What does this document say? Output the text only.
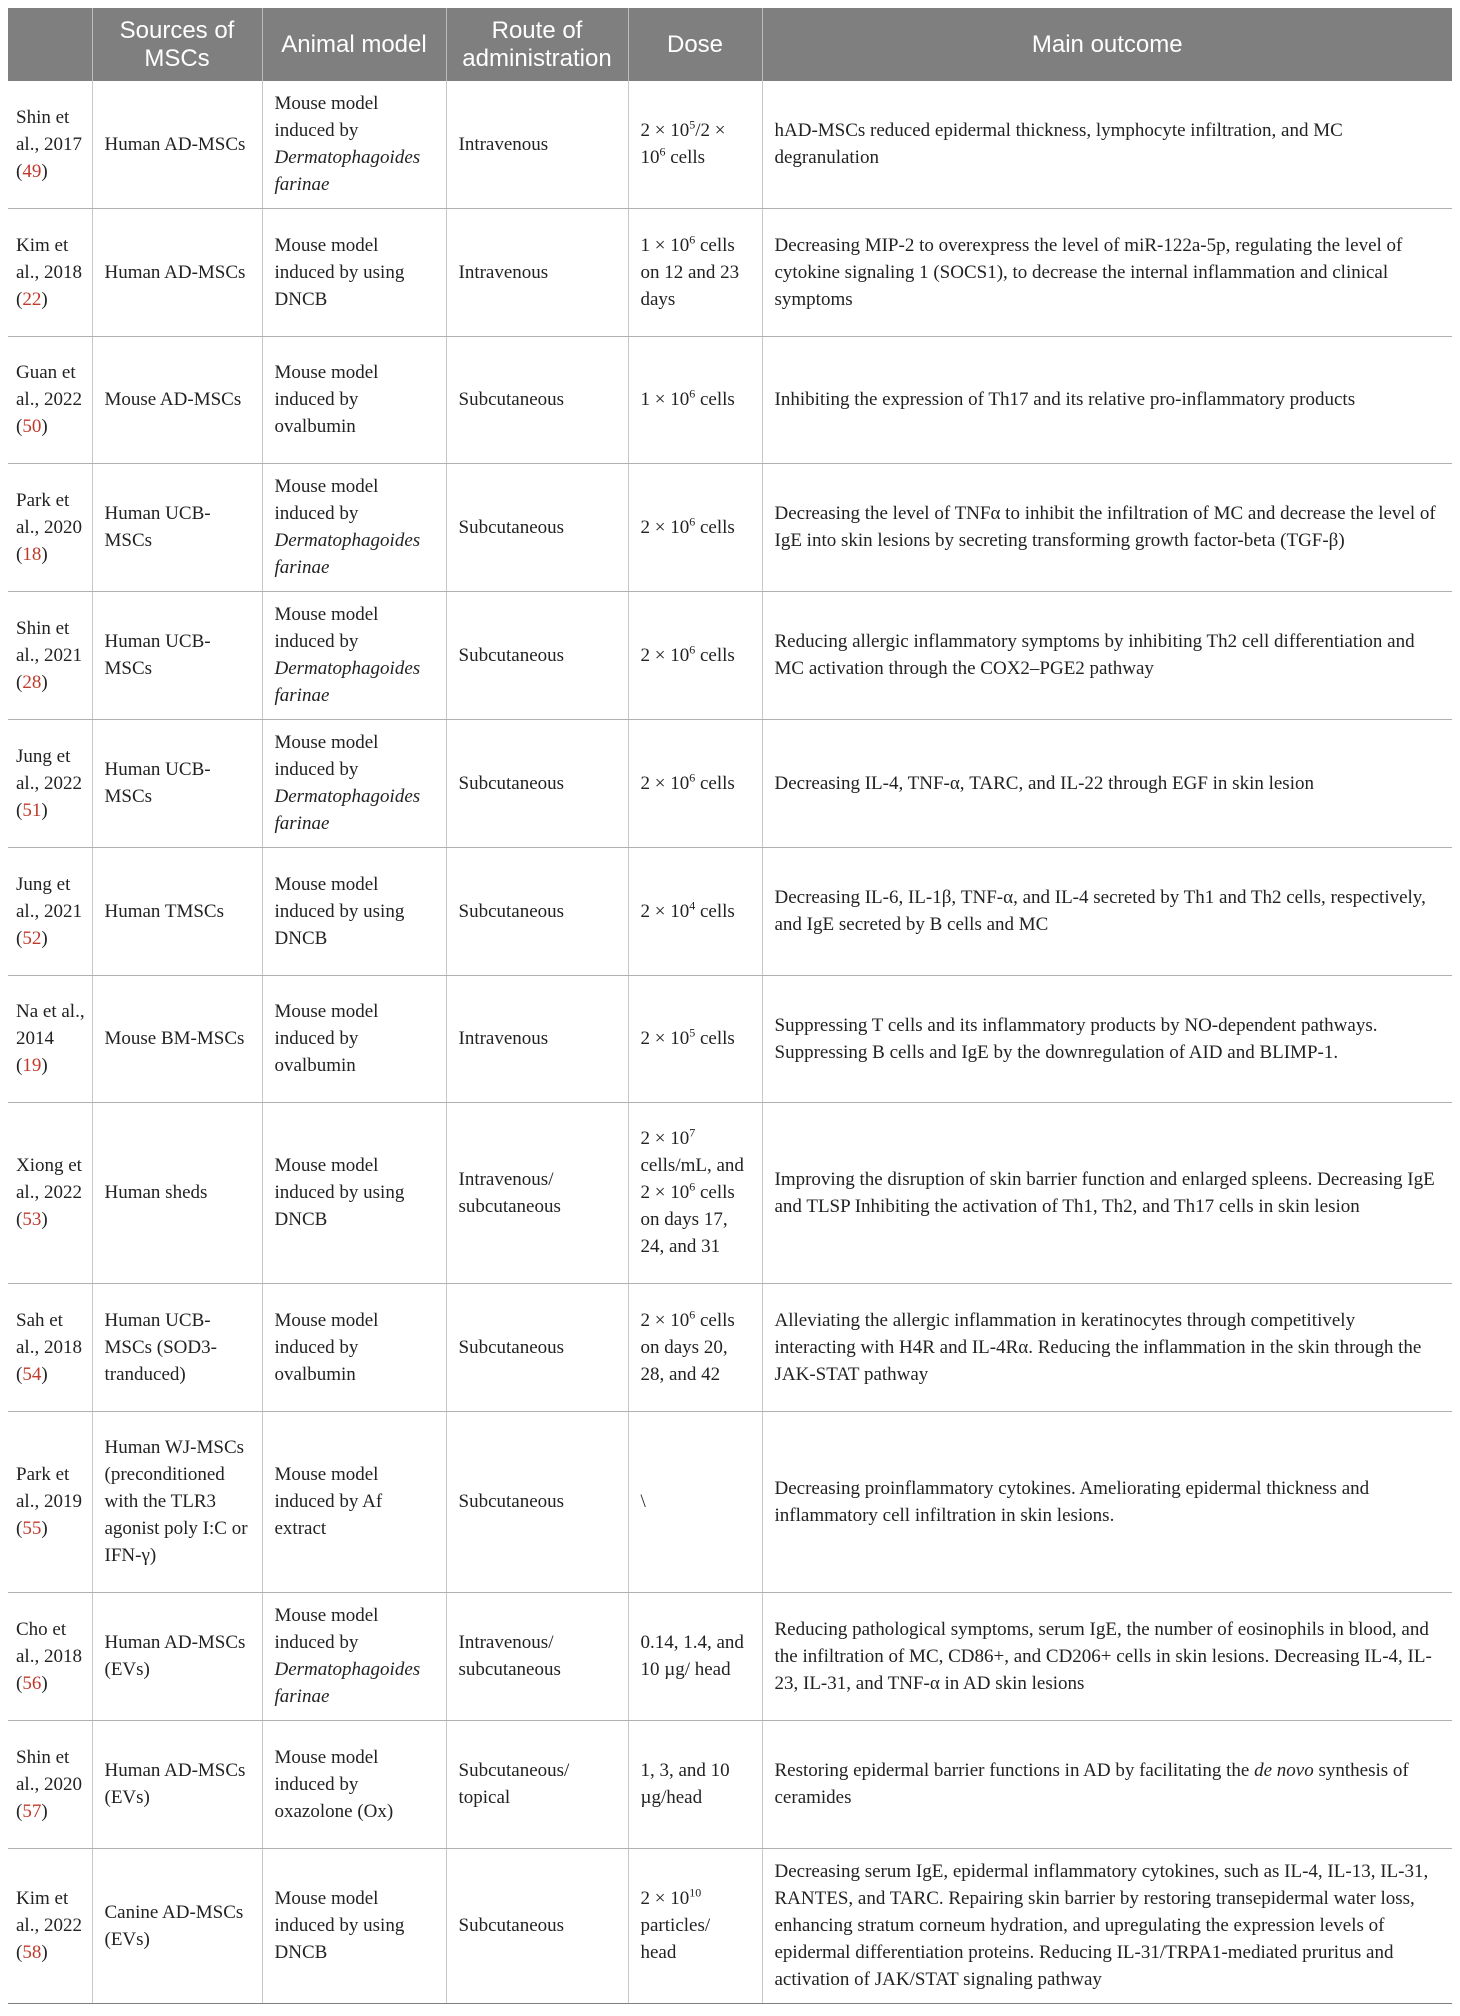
	Sources of MSCs	Animal model	Route of administration	Dose	Main outcome
Shin et al., 2017 (49)	Human AD-MSCs	Mouse model induced by Dermatophagoides farinae	Intravenous	$2 \times 10^5/2 \times 10^6$ cells	hAD-MSCs reduced epidermal thickness, lymphocyte infiltration, and MC degranulation
Kim et al., 2018 (22)	Human AD-MSCs	Mouse model induced by using DNCB	Intravenous	$1 \times 10^6$ cells on 12 and 23 days	Decreasing MIP-2 to overexpress the level of miR-122a-5p, regulating the level of cytokine signaling 1 (SOCS1), to decrease the internal inflammation and clinical symptoms
Guan et al., 2022 (50)	Mouse AD-MSCs	Mouse model induced by ovalbumin	Subcutaneous	$1 \times 10^6$ cells	Inhibiting the expression of Th17 and its relative pro-inflammatory products
Park et al., 2020 (18)	Human UCB-MSCs	Mouse model induced by Dermatophagoides farinae	Subcutaneous	$2 \times 10^6$ cells	Decreasing the level of TNFα to inhibit the infiltration of MC and decrease the level of IgE into skin lesions by secreting transforming growth factor-beta (TGF-β)
Shin et al., 2021 (28)	Human UCB-MSCs	Mouse model induced by Dermatophagoides farinae	Subcutaneous	$2 \times 10^6$ cells	Reducing allergic inflammatory symptoms by inhibiting Th2 cell differentiation and MC activation through the COX2–PGE2 pathway
Jung et al., 2022 (51)	Human UCB-MSCs	Mouse model induced by Dermatophagoides farinae	Subcutaneous	$2 \times 10^6$ cells	Decreasing IL-4, TNF-α, TARC, and IL-22 through EGF in skin lesion
Jung et al., 2021 (52)	Human TMSCs	Mouse model induced by using DNCB	Subcutaneous	$2 \times 10^4$ cells	Decreasing IL-6, IL-1β, TNF-α, and IL-4 secreted by Th1 and Th2 cells, respectively, and IgE secreted by B cells and MC
Na et al., 2014 (19)	Mouse BM-MSCs	Mouse model induced by ovalbumin	Intravenous	$2 \times 10^5$ cells	Suppressing T cells and its inflammatory products by NO-dependent pathways. Suppressing B cells and IgE by the downregulation of AID and BLIMP-1.
Xiong et al., 2022 (53)	Human sheds	Mouse model induced by using DNCB	Intravenous/ subcutaneous	$2 \times 10^7$ cells/mL, and $2 \times 10^6$ cells on days 17, 24, and 31	Improving the disruption of skin barrier function and enlarged spleens. Decreasing IgE and TLSP Inhibiting the activation of Th1, Th2, and Th17 cells in skin lesion
Sah et al., 2018 (54)	Human UCB-MSCs (SOD3-tranduced)	Mouse model induced by ovalbumin	Subcutaneous	$2 \times 10^6$ cells on days 20, 28, and 42	Alleviating the allergic inflammation in keratinocytes through competitively interacting with H4R and IL-4Rα. Reducing the inflammation in the skin through the JAK-STAT pathway
Park et al., 2019 (55)	Human WJ-MSCs (preconditioned with the TLR3 agonist poly I:C or IFN-γ)	Mouse model induced by Af extract	Subcutaneous	\	Decreasing proinflammatory cytokines. Ameliorating epidermal thickness and inflammatory cell infiltration in skin lesions.
Cho et al., 2018 (56)	Human AD-MSCs (EVs)	Mouse model induced by Dermatophagoides farinae	Intravenous/ subcutaneous	0.14, 1.4, and 10 µg/ head	Reducing pathological symptoms, serum IgE, the number of eosinophils in blood, and the infiltration of MC, CD86+, and CD206+ cells in skin lesions. Decreasing IL-4, IL-23, IL-31, and TNF-α in AD skin lesions
Shin et al., 2020 (57)	Human AD-MSCs (EVs)	Mouse model induced by oxazolone (Ox)	Subcutaneous/ topical	1, 3, and 10 µg/head	Restoring epidermal barrier functions in AD by facilitating the de novo synthesis of ceramides
Kim et al., 2022 (58)	Canine AD-MSCs (EVs)	Mouse model induced by using DNCB	Subcutaneous	$2 \times 10^{10}$ particles/ head	Decreasing serum IgE, epidermal inflammatory cytokines, such as IL-4, IL-13, IL-31, RANTES, and TARC. Repairing skin barrier by restoring transepidermal water loss, enhancing stratum corneum hydration, and upregulating the expression levels of epidermal differentiation proteins. Reducing IL-31/TRPA1-mediated pruritus and activation of JAK/STAT signaling pathway
